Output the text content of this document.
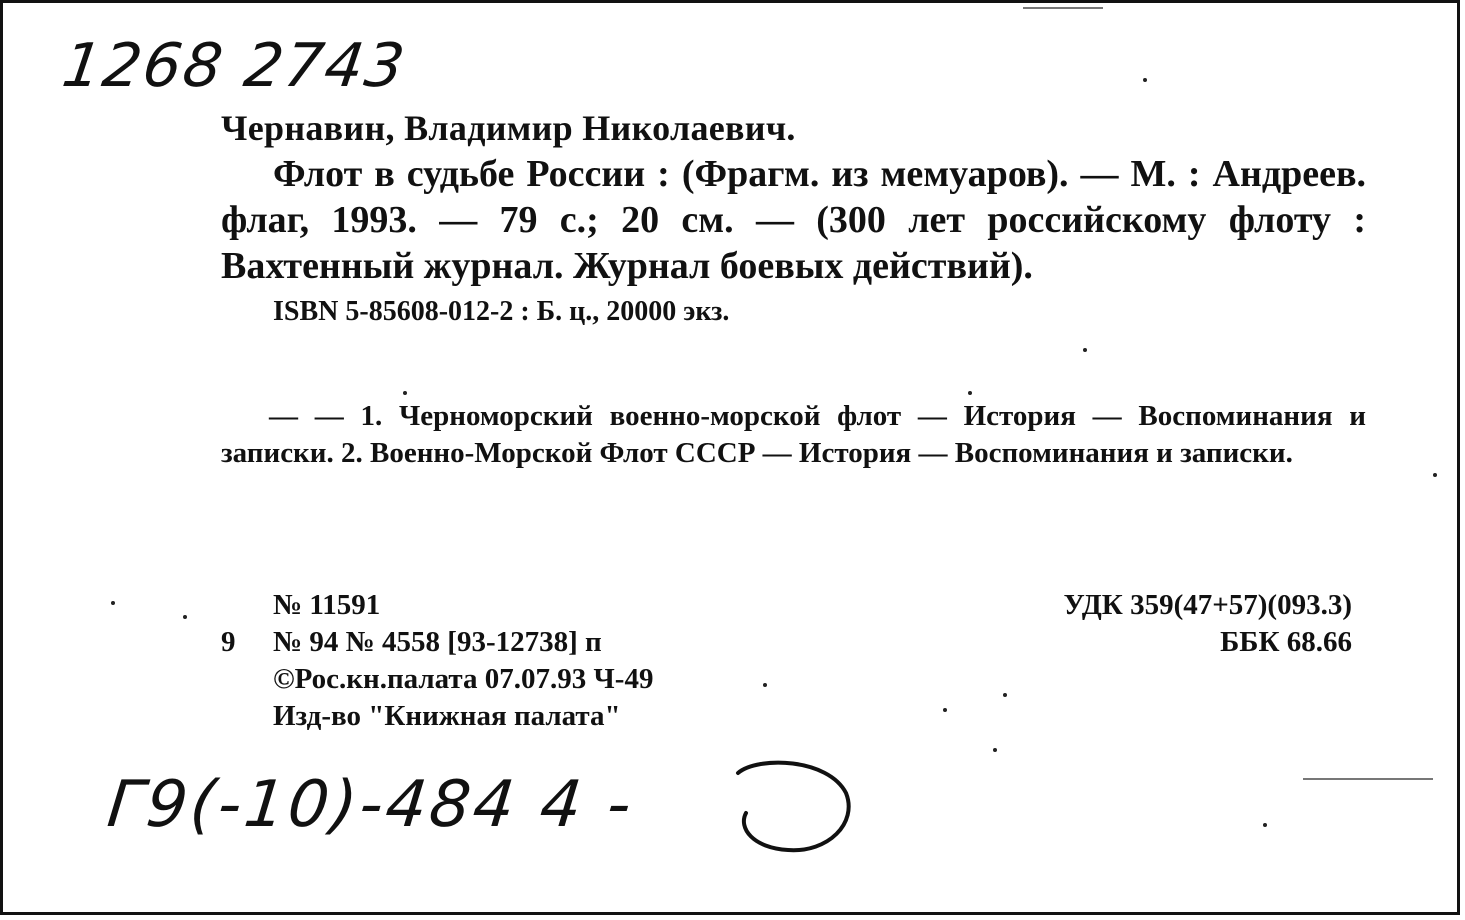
1268 2743

Чернавин, Владимир Николаевич.

Флот в судьбе России : (Фрагм. из мемуаров). — М. : Андреев. флаг, 1993. — 79 с.; 20 см. — (300 лет российскому флоту : Вахтенный журнал. Журнал боевых действий).

ISBN 5-85608-012-2 : Б. ц., 20000 экз.

— — 1. Черноморский военно-морской флот — История — Воспоминания и записки. 2. Военно-Морской Флот СССР — История — Воспоминания и записки.
№ 11591
9 № 94 № 4558 [93-12738] п
©Рос.кн.палата 07.07.93 Ч-49
Изд-во "Книжная палата"
УДК 359(47+57)(093.3)
ББК 68.66
Г9(-10)-484 4 -
